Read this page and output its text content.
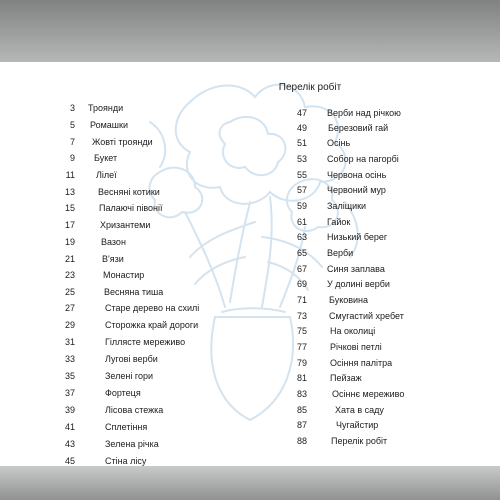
Перелік робіт
3 Троянди
5 Ромашки
7 Жовті троянди
9 Букет
11 Лілеї
13	Весняні котики
15	Палаючі півонії
17	Хризантеми
19	Вазон
21	В'язи
23	Монастир
25	Весняна тиша
27	Старе дерево на схилі
29	Сторожка край дороги
31	Гіллясте мереживо
33	Лугові верби
35	Зелені гори
37	Фортеця
39	Лісова стежка
41	Сплетіння
43	Зелена річка
45	Стіна лісу
47 Верби над річкою
49 Березовий гай
51 Осінь
53 Собор на пагорбі
55 Червона осінь
57 Червоний мур
59 Заліщики
61 Гайок
63 Низький берег
65 Верби
67 Синя заплава
69 У долині верби
71 Буковина
73 Смугастий хребет
75	На околиці
77	Річкові петлі
79	Осіння палітра
81	Пейзаж
83	Осіннє мереживо
85	Хата в саду
87	Чугайстир
88	Перелік робіт
